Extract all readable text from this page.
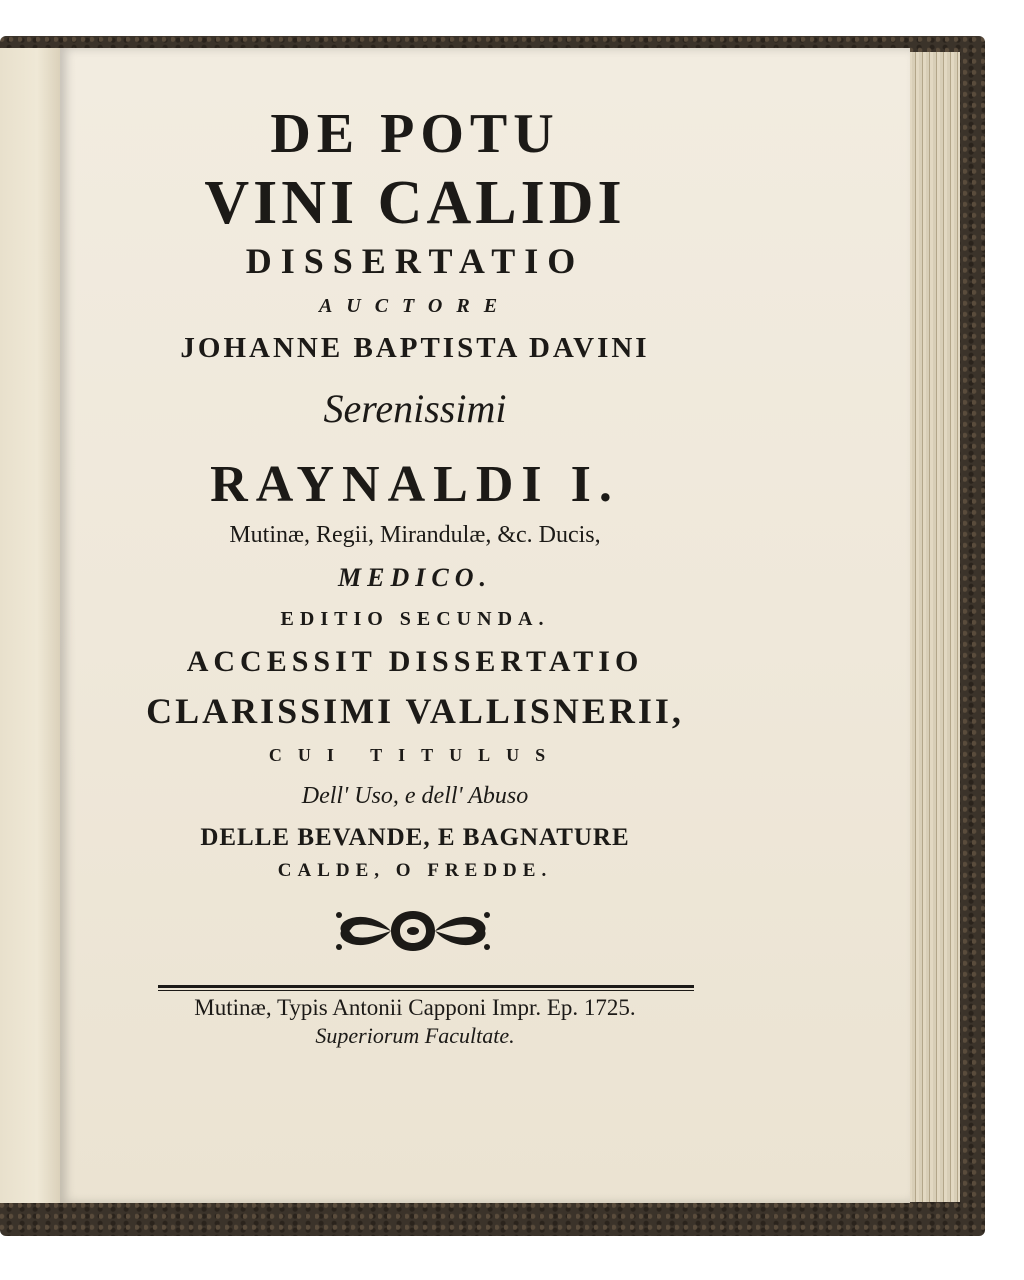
DE POTU
VINI CALIDI
DISSERTATIO
AUCTORE
JOHANNE BAPTISTA DAVINI
Serenissimi
RAYNALDI I.
Mutinæ, Regii, Mirandulæ, &c. Ducis,
MEDICO.
EDITIO SECUNDA.
ACCESSIT DISSERTATIO
CLARISSIMI VALLISNERII,
CUI TITULUS
Dell' Uso, e dell' Abuso
DELLE BEVANDE, E BAGNATURE
CALDE, O FREDDE.
Mutinæ, Typis Antonii Capponi Impr. Ep. 1725.
Superiorum Facultate.
